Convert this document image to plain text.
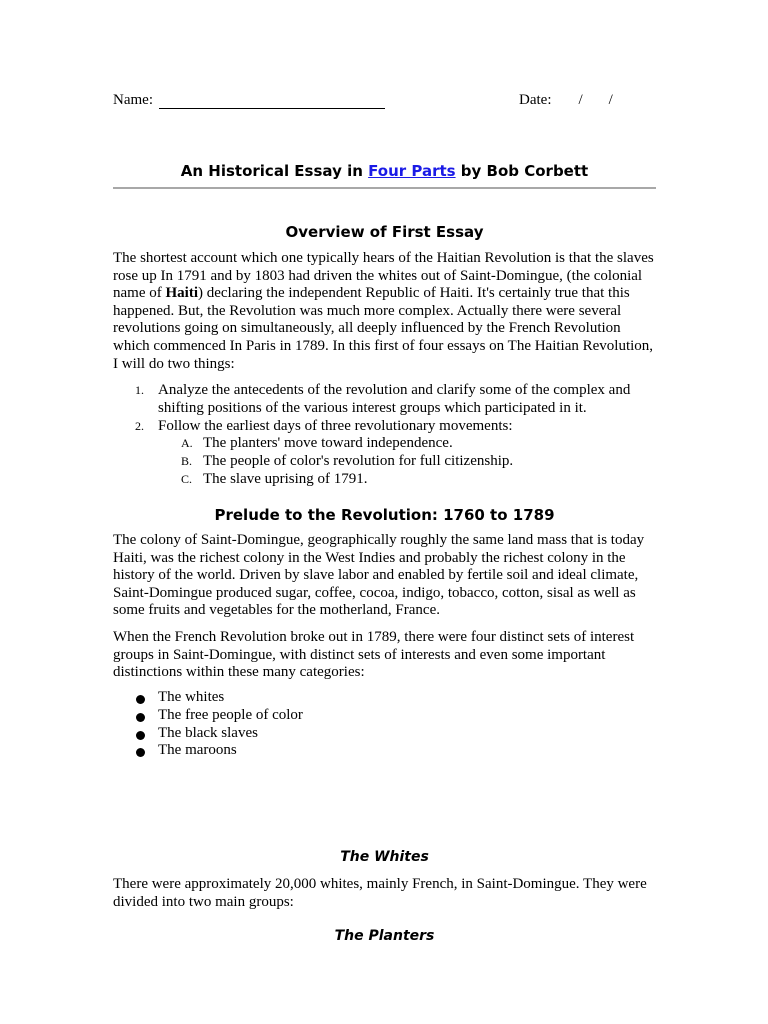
Name:	Date: / /
An Historical Essay in Four Parts by Bob Corbett
Overview of First Essay

The shortest account which one typically hears of the Haitian Revolution is that the slaves rose up In 1791 and by 1803 had driven the whites out of Saint-Domingue, (the colonial name of Haiti) declaring the independent Republic of Haiti. It's certainly true that this happened. But, the Revolution was much more complex. Actually there were several revolutions going on simultaneously, all deeply influenced by the French Revolution which commenced In Paris in 1789. In this first of four essays on The Haitian Revolution, I will do two things:

1. Analyze the antecedents of the revolution and clarify some of the complex and shifting positions of the various interest groups which participated in it.
2. Follow the earliest days of three revolutionary movements:
A. The planters' move toward independence.
B. The people of color's revolution for full citizenship.
C. The slave uprising of 1791.
Prelude to the Revolution: 1760 to 1789

The colony of Saint-Domingue, geographically roughly the same land mass that is today Haiti, was the richest colony in the West Indies and probably the richest colony in the history of the world. Driven by slave labor and enabled by fertile soil and ideal climate, Saint-Domingue produced sugar, coffee, cocoa, indigo, tobacco, cotton, sisal as well as some fruits and vegetables for the motherland, France.

When the French Revolution broke out in 1789, there were four distinct sets of interest groups in Saint-Domingue, with distinct sets of interests and even some important distinctions within these many categories:

The whites
The free people of color
The black slaves
The maroons
The Whites

There were approximately 20,000 whites, mainly French, in Saint-Domingue. They were divided into two main groups:

The Planters
